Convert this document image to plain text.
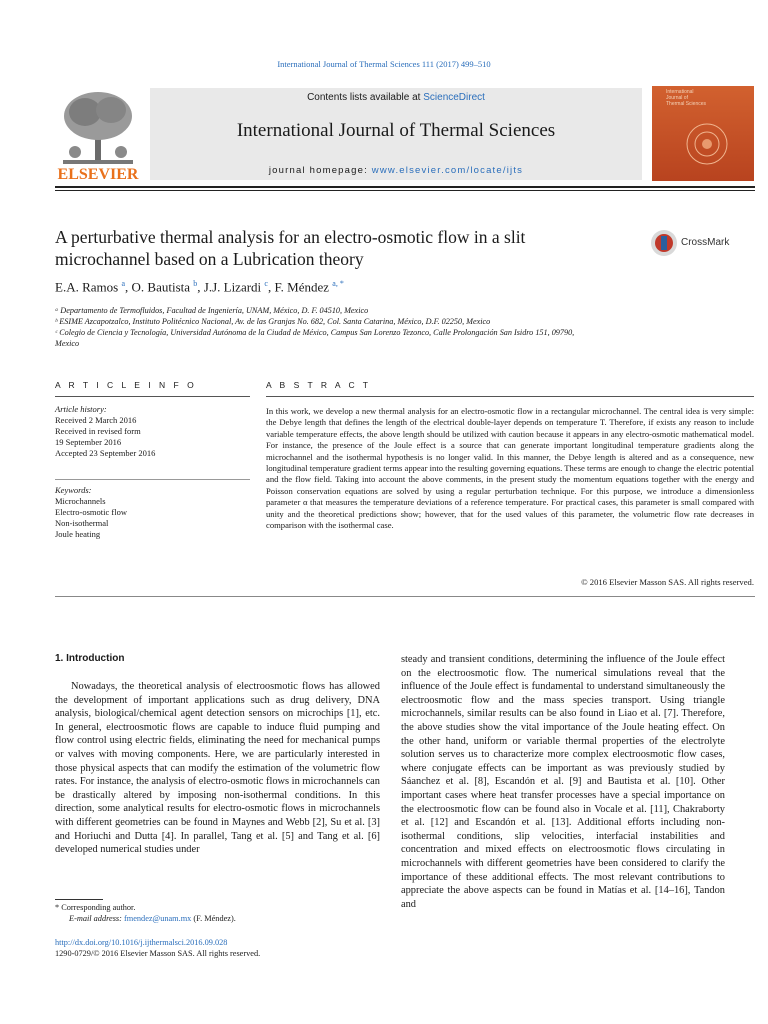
International Journal of Thermal Sciences 111 (2017) 499–510
ELSEVIER
Contents lists available at ScienceDirect
International Journal of Thermal Sciences
journal homepage: www.elsevier.com/locate/ijts
International Journal of Thermal Sciences
A perturbative thermal analysis for an electro-osmotic flow in a slit
microchannel based on a Lubrication theory
CrossMark
E.A. Ramos $^a$, O. Bautista $^b$, J.J. Lizardi $^c$, F. Méndez $^{a, *}$
ᵃ Departamento de Termofluidos, Facultad de Ingeniería, UNAM, México, D. F. 04510, Mexico
ᵇ ESIME Azcapotzalco, Instituto Politécnico Nacional, Av. de las Granjas No. 682, Col. Santa Catarina, México, D.F. 02250, Mexico
ᶜ Colegio de Ciencia y Tecnología, Universidad Autónoma de la Ciudad de México, Campus San Lorenzo Tezonco, Calle Prolongación San Isidro 151, 09790,
Mexico
A R T I C L E I N F O
Article history:
Received 2 March 2016
Received in revised form
19 September 2016
Accepted 23 September 2016
Keywords:
Microchannels
Electro-osmotic flow
Non-isothermal
Joule heating
A B S T R A C T
In this work, we develop a new thermal analysis for an electro-osmotic flow in a rectangular microchannel. The central idea is very simple: the Debye length that defines the length of the electrical double-layer depends on temperature T. Therefore, if exists any reason to include variable temperature effects, the above length should be utilized with caution because it appears in any electro-osmotic mathematical model. For instance, the presence of the Joule effect is a source that can generate important longitudinal temperature gradients along the microchannel and the isothermal hypothesis is no longer valid. In this manner, the Debye length is altered and as a consequence, new longitudinal temperature gradient terms appear into the resulting governing equations. These terms are enough to change the electric potential and the flow field. Taking into account the above comments, in the present study the momentum equations together with the energy and Poisson conservation equations are solved by using a regular perturbation technique. For this purpose, we introduce a dimensionless parameter α that measures the temperature deviations of a reference temperature. For practical cases, this parameter is small compared with unity and the theoretical predictions show; however, that for the used values of this parameter, the volumetric flow rate decreases in comparison with the isothermal case.
© 2016 Elsevier Masson SAS. All rights reserved.
1. Introduction
Nowadays, the theoretical analysis of electroosmotic flows has allowed the development of important applications such as drug delivery, DNA analysis, biological/chemical agent detection sensors on microchips [1], etc. In general, electroosmotic flows are capable to induce fluid pumping and flow control using electric fields, eliminating the need for mechanical pumps or valves with moving components. Here, we are particularly interested in those physical aspects that can modify the estimation of the volumetric flow rates. For instance, the analysis of electro-osmotic flows in microchannels can be drastically altered by imposing non-isothermal conditions. In this direction, some analytical results for electro-osmotic flows in microchannels with different geometries can be found in Maynes and Webb [2], Su et al. [3] and Horiuchi and Dutta [4]. In parallel, Tang et al. [5] and Tang et al. [6] developed numerical studies under
steady and transient conditions, determining the influence of the Joule effect on the electroosmotic flow. The numerical simulations reveal that the influence of the Joule effect is fundamental to understand simultaneously the electroosmotic flow and the mass species transport. Using triangle microchannels, similar results can be also found in Liao et al. [7]. Therefore, the above studies show the vital importance of the Joule heating effect. On the other hand, uniform or variable thermal properties of the electrolyte solution serves us to characterize more complex electroosmotic flow cases, where conjugate effects can be important as was previously studied by Sáanchez et al. [8], Escandón et al. [9] and Bautista et al. [10]. Other important cases where heat transfer processes have a special importance on the electroosmotic flow can be found also in Vocale et al. [11], Chakraborty et al. [12] and Escandón et al. [13]. Additional efforts including non-isothermal conditions, slip velocities, interfacial instabilities and concentration and mixed effects on electroosmotic flows circulating in microchannels with different geometries have been considered to clarify the importance of these additional effects. The most relevant contributions to appreciate the above aspects can be found in Matías et al. [14–16], Tandon and
* Corresponding author.
E-mail address: fmendez@unam.mx (F. Méndez).
http://dx.doi.org/10.1016/j.ijthermalsci.2016.09.028
1290-0729/© 2016 Elsevier Masson SAS. All rights reserved.
